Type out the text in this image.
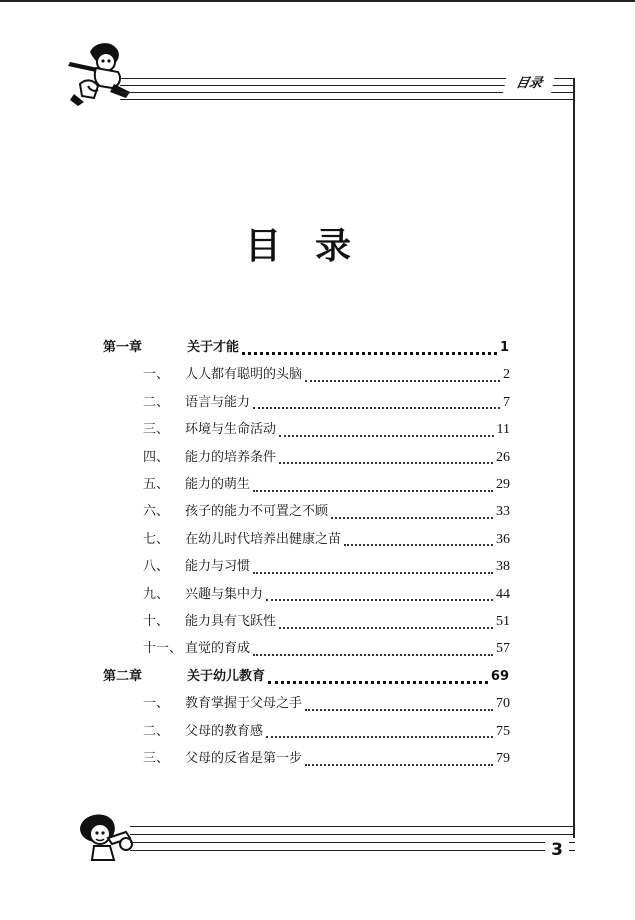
目录
目录
第一章	关于才能	1
一、	人人都有聪明的头脑	2
二、	语言与能力	7
三、	环境与生命活动	11
四、	能力的培养条件	26
五、	能力的萌生	29
六、	孩子的能力不可置之不顾	33
七、	在幼儿时代培养出健康之苗	36
八、	能力与习惯	38
九、	兴趣与集中力	44
十、	能力具有飞跃性	51
十一、 直觉的育成	57
第二章	关于幼儿教育	69
一、	教育掌握于父母之手	70
二、	父母的教育感	75
三、	父母的反省是第一步	79
3
